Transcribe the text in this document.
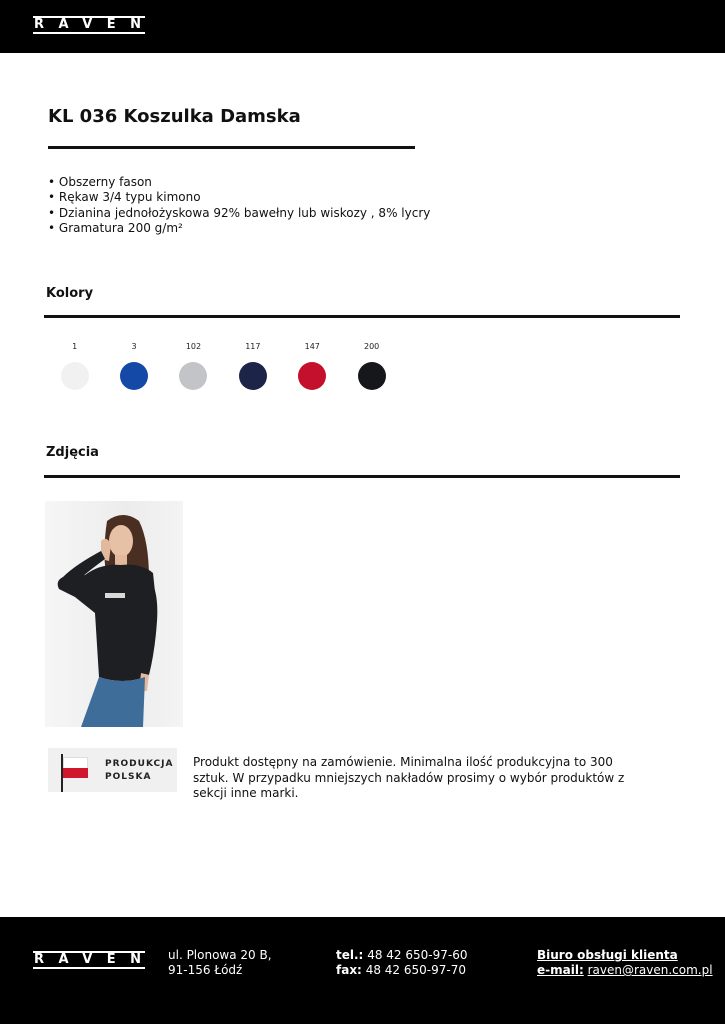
RAVEN
KL 036 Koszulka Damska
• Obszerny fason
• Rękaw 3/4 typu kimono
• Dzianina jednołożyskowa 92% bawełny lub wiskozy , 8% lycry
• Gramatura 200 g/m²
Kolory
1	3	102	117	147	200
Zdjęcia
PRODUKCJA
POLSKA

Produkt dostępny na zamówienie. Minimalna ilość produkcyjna to 300 sztuk. W przypadku mniejszych nakładów prosimy o wybór produktów z sekcji inne marki.

RAVEN ul. Plonowa 20 B,
91-156 Łódź
tel.: 48 42 650-97-60
fax: 48 42 650-97-70
Biuro obsługi klienta
e-mail: raven@raven.com.pl
